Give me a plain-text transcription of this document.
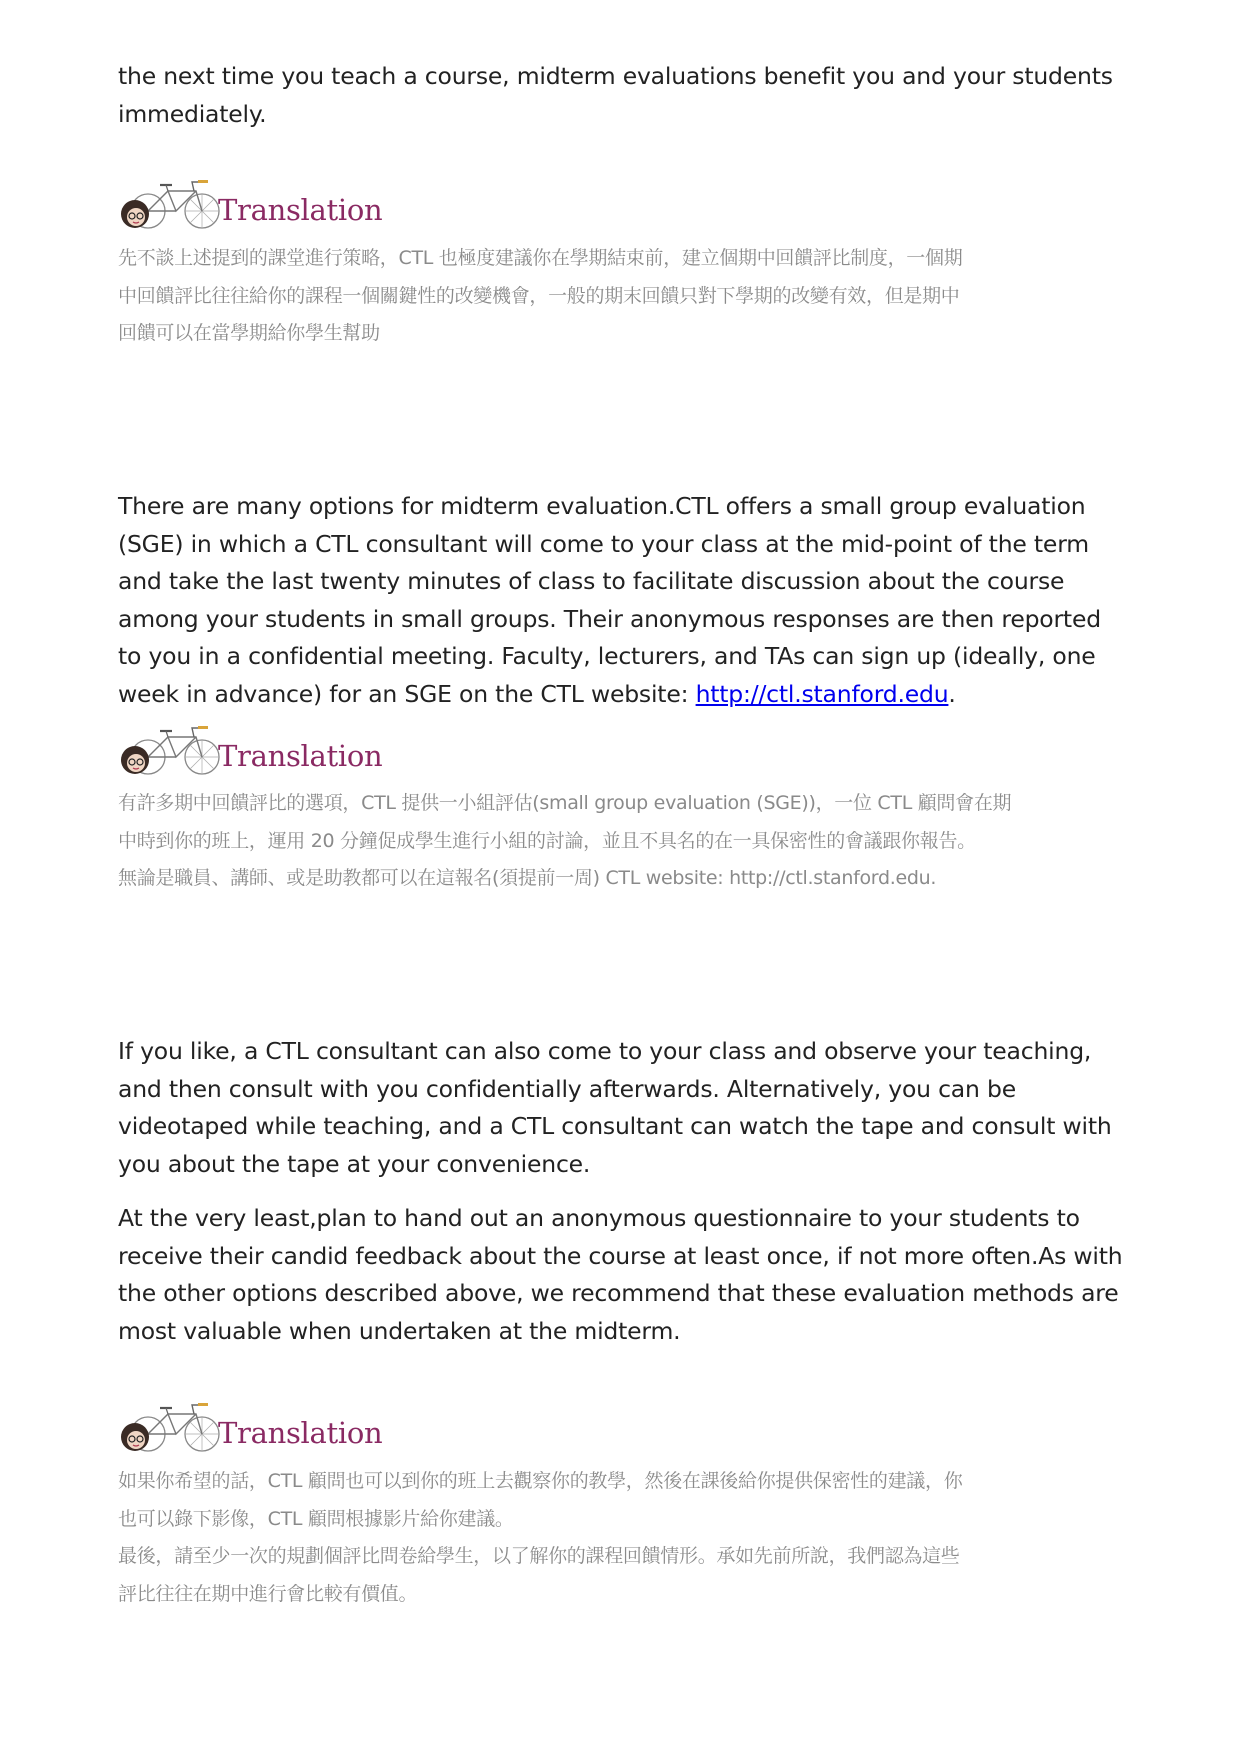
the next time you teach a course, midterm evaluations benefit you and your students
immediately.
Translation
先不談上述提到的課堂進行策略，CTL 也極度建議你在學期結束前，建立個期中回饋評比制度，一個期
中回饋評比往往給你的課程一個關鍵性的改變機會，一般的期末回饋只對下學期的改變有效，但是期中
回饋可以在當學期給你學生幫助
There are many options for midterm evaluation.CTL offers a small group evaluation
(SGE) in which a CTL consultant will come to your class at the mid-point of the term
and take the last twenty minutes of class to facilitate discussion about the course
among your students in small groups. Their anonymous responses are then reported
to you in a confidential meeting. Faculty, lecturers, and TAs can sign up (ideally, one
week in advance) for an SGE on the CTL website: http://ctl.stanford.edu.
Translation
有許多期中回饋評比的選項，CTL 提供一小組評估(small group evaluation (SGE))，一位 CTL 顧問會在期
中時到你的班上，運用 20 分鐘促成學生進行小組的討論，並且不具名的在一具保密性的會議跟你報告。
無論是職員、講師、或是助教都可以在這報名(須提前一周) CTL website: http://ctl.stanford.edu.
If you like, a CTL consultant can also come to your class and observe your teaching,
and then consult with you confidentially afterwards. Alternatively, you can be
videotaped while teaching, and a CTL consultant can watch the tape and consult with
you about the tape at your convenience.
At the very least,plan to hand out an anonymous questionnaire to your students to
receive their candid feedback about the course at least once, if not more often.As with
the other options described above, we recommend that these evaluation methods are
most valuable when undertaken at the midterm.
Translation
如果你希望的話，CTL 顧問也可以到你的班上去觀察你的教學，然後在課後給你提供保密性的建議，你
也可以錄下影像，CTL 顧問根據影片給你建議。
最後，請至少一次的規劃個評比問卷給學生，以了解你的課程回饋情形。承如先前所說，我們認為這些
評比往往在期中進行會比較有價值。
